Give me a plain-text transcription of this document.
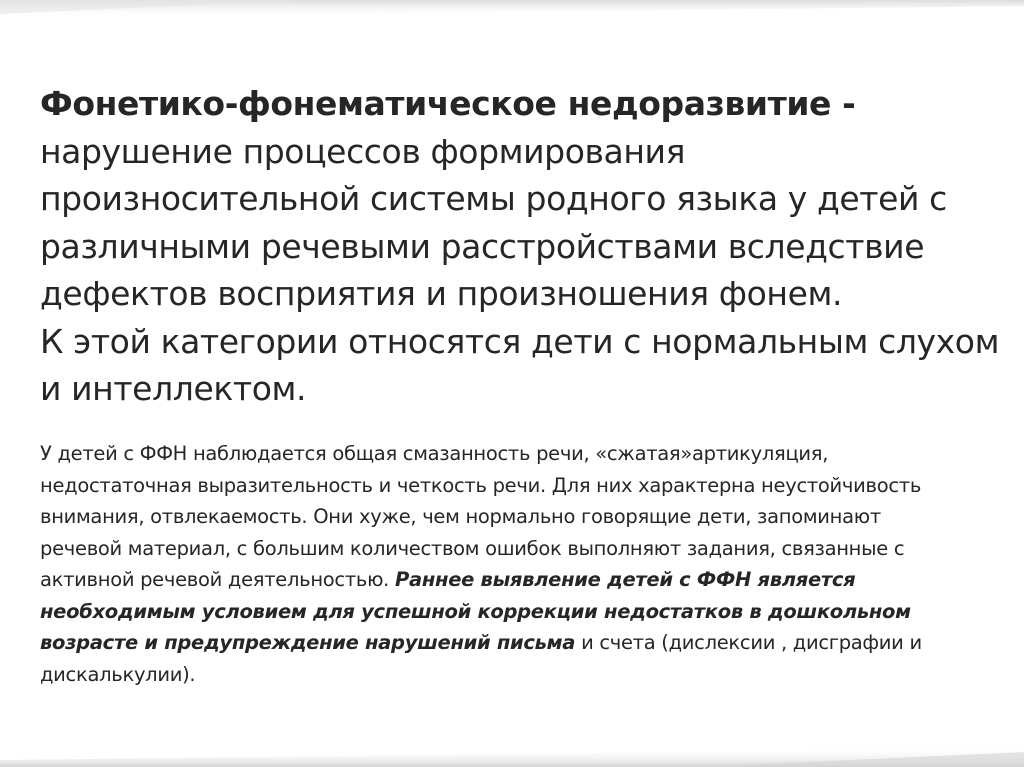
Фонетико-фонематическое недоразвитие - нарушение процессов формирования произносительной системы родного языка у детей с различными речевыми расстройствами вследствие дефектов восприятия и произношения фонем.

К этой категории относятся дети с нормальным слухом и интеллектом.

У детей с ФФН наблюдается общая смазанность речи, «сжатая»артикуляция, недостаточная выразительность и четкость речи. Для них характерна неустойчивость внимания, отвлекаемость. Они хуже, чем нормально говорящие дети, запоминают речевой материал, с большим количеством ошибок выполняют задания, связанные с активной речевой деятельностью. Раннее выявление детей с ФФН является необходимым условием для успешной коррекции недостатков в дошкольном возрасте и предупреждение нарушений письма и счета (дислексии , дисграфии и дискалькулии).
